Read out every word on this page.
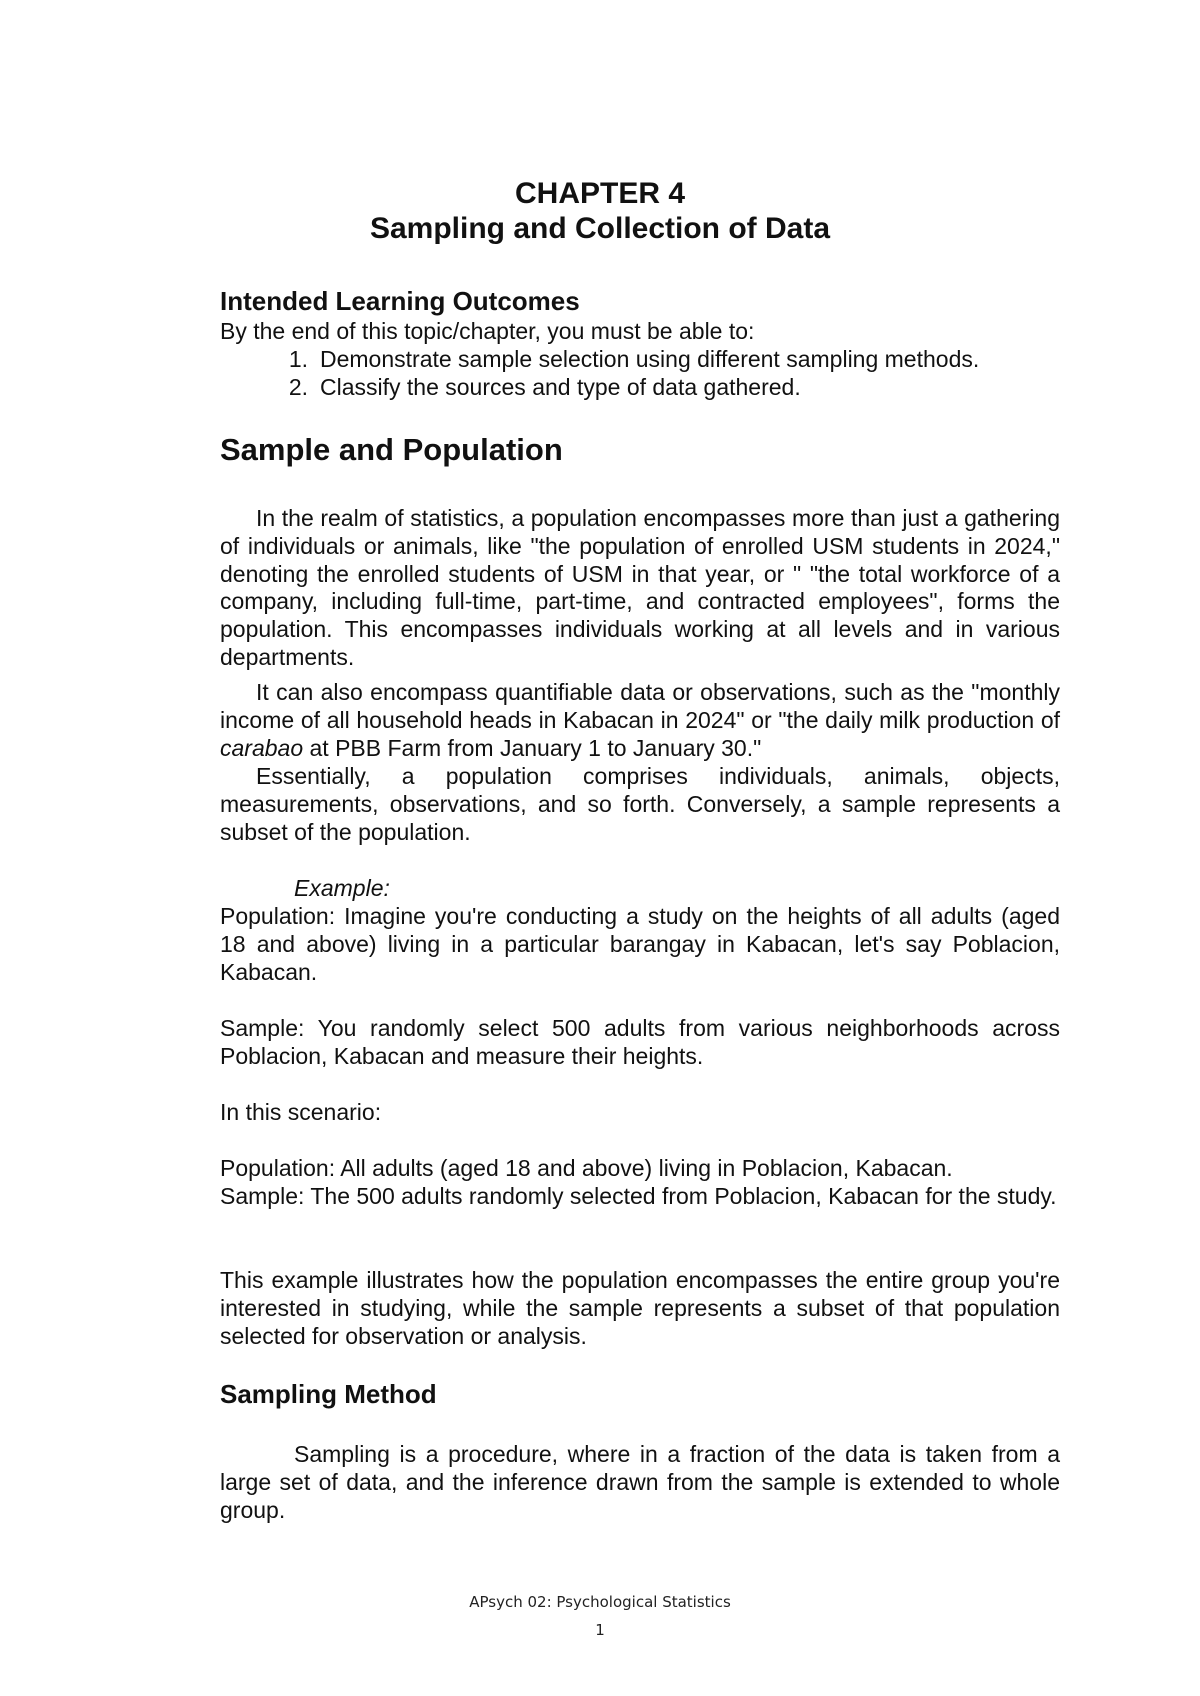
CHAPTER 4
Sampling and Collection of Data
Intended Learning Outcomes

By the end of this topic/chapter, you must be able to:

1. Demonstrate sample selection using different sampling methods.
2. Classify the sources and type of data gathered.
Sample and Population

In the realm of statistics, a population encompasses more than just a gathering of individuals or animals, like "the population of enrolled USM students in 2024," denoting the enrolled students of USM in that year, or " "the total workforce of a company, including full-time, part-time, and contracted employees", forms the population. This encompasses individuals working at all levels and in various departments.

It can also encompass quantifiable data or observations, such as the "monthly income of all household heads in Kabacan in 2024" or "the daily milk production of carabao at PBB Farm from January 1 to January 30."

Essentially, a population comprises individuals, animals, objects, measurements, observations, and so forth. Conversely, a sample represents a subset of the population.

Example:

Population: Imagine you're conducting a study on the heights of all adults (aged 18 and above) living in a particular barangay in Kabacan, let's say Poblacion, Kabacan.

Sample: You randomly select 500 adults from various neighborhoods across Poblacion, Kabacan and measure their heights.

In this scenario:

Population: All adults (aged 18 and above) living in Poblacion, Kabacan.

Sample: The 500 adults randomly selected from Poblacion, Kabacan for the study.

This example illustrates how the population encompasses the entire group you're interested in studying, while the sample represents a subset of that population selected for observation or analysis.

Sampling Method

Sampling is a procedure, where in a fraction of the data is taken from a large set of data, and the inference drawn from the sample is extended to whole group.

APsych 02: Psychological Statistics
1
